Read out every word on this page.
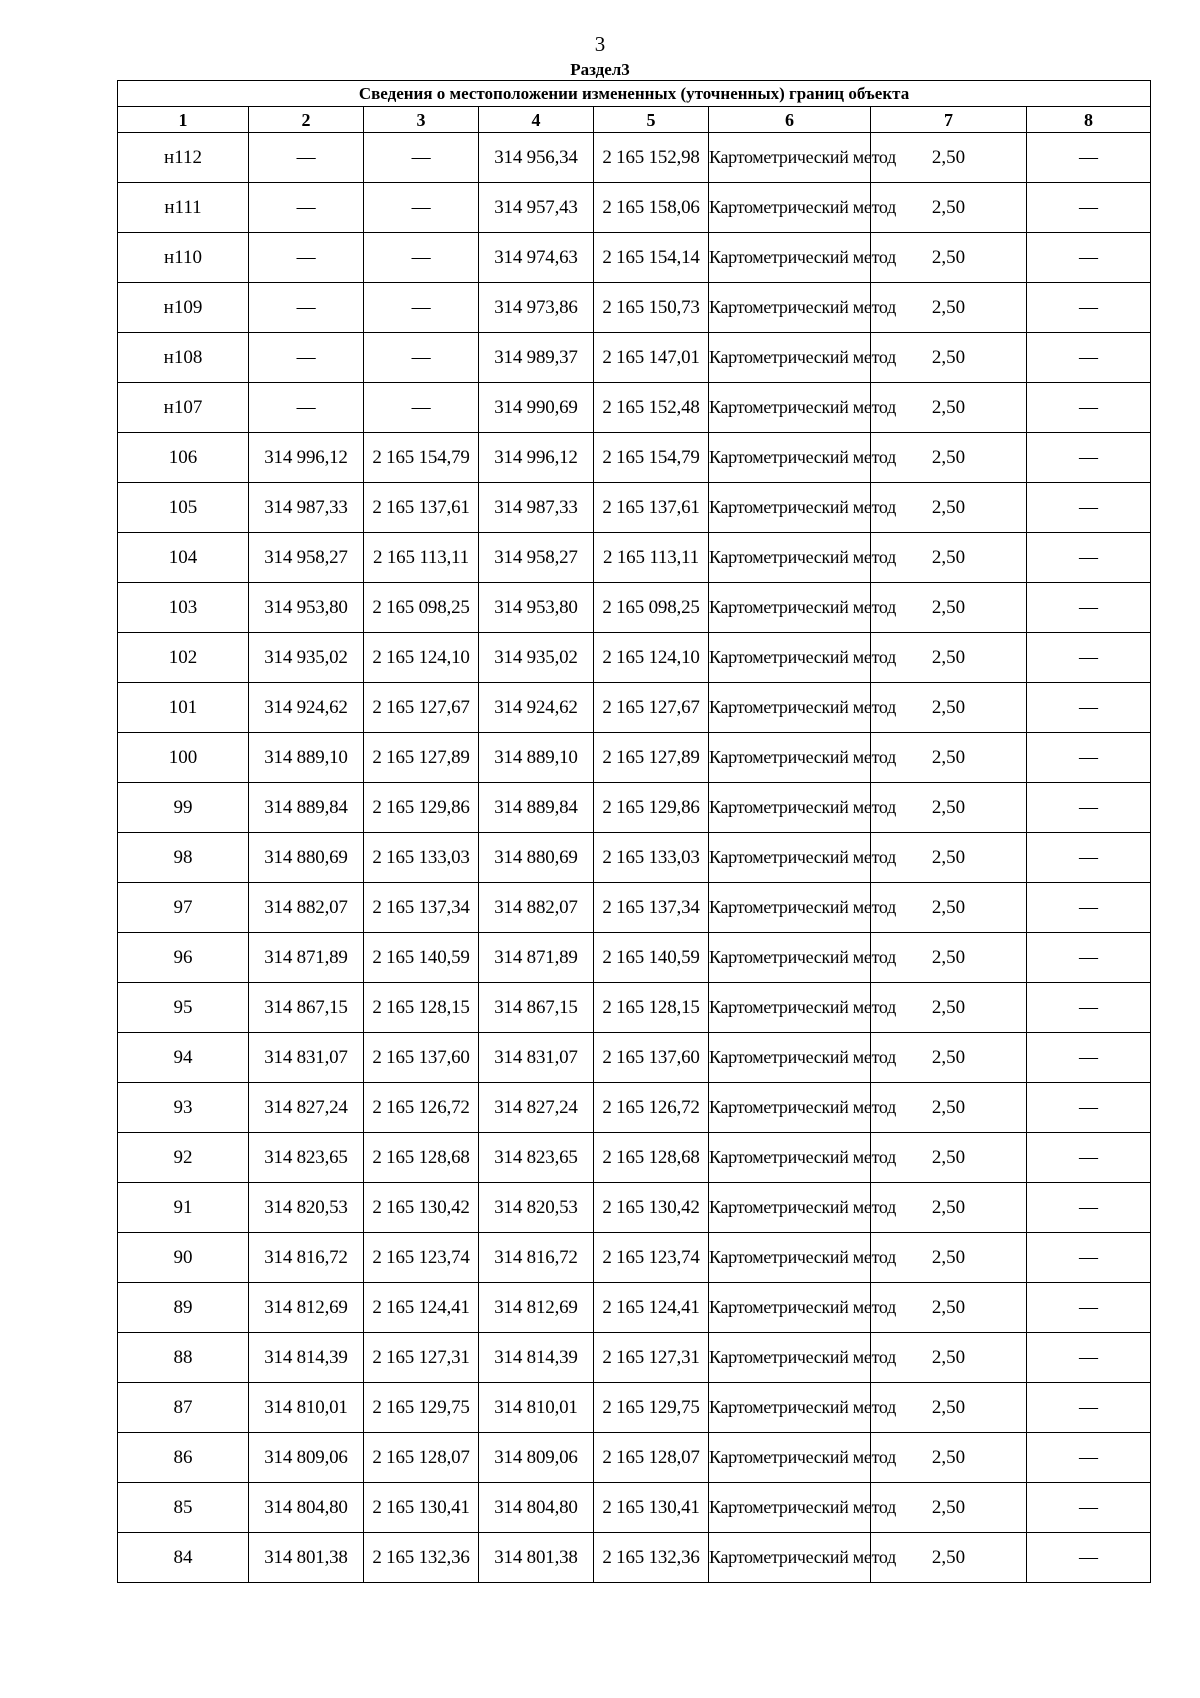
3
Раздел3
Сведения о местоположении измененных (уточненных) границ объекта							
1	2	3	4	5	6	7	8
н112	—	—	314 956,34	2 165 152,98	Картометрический метод	2,50	—
н111	—	—	314 957,43	2 165 158,06	Картометрический метод	2,50	—
н110	—	—	314 974,63	2 165 154,14	Картометрический метод	2,50	—
н109	—	—	314 973,86	2 165 150,73	Картометрический метод	2,50	—
н108	—	—	314 989,37	2 165 147,01	Картометрический метод	2,50	—
н107	—	—	314 990,69	2 165 152,48	Картометрический метод	2,50	—
106	314 996,12	2 165 154,79	314 996,12	2 165 154,79	Картометрический метод	2,50	—
105	314 987,33	2 165 137,61	314 987,33	2 165 137,61	Картометрический метод	2,50	—
104	314 958,27	2 165 113,11	314 958,27	2 165 113,11	Картометрический метод	2,50	—
103	314 953,80	2 165 098,25	314 953,80	2 165 098,25	Картометрический метод	2,50	—
102	314 935,02	2 165 124,10	314 935,02	2 165 124,10	Картометрический метод	2,50	—
101	314 924,62	2 165 127,67	314 924,62	2 165 127,67	Картометрический метод	2,50	—
100	314 889,10	2 165 127,89	314 889,10	2 165 127,89	Картометрический метод	2,50	—
99	314 889,84	2 165 129,86	314 889,84	2 165 129,86	Картометрический метод	2,50	—
98	314 880,69	2 165 133,03	314 880,69	2 165 133,03	Картометрический метод	2,50	—
97	314 882,07	2 165 137,34	314 882,07	2 165 137,34	Картометрический метод	2,50	—
96	314 871,89	2 165 140,59	314 871,89	2 165 140,59	Картометрический метод	2,50	—
95	314 867,15	2 165 128,15	314 867,15	2 165 128,15	Картометрический метод	2,50	—
94	314 831,07	2 165 137,60	314 831,07	2 165 137,60	Картометрический метод	2,50	—
93	314 827,24	2 165 126,72	314 827,24	2 165 126,72	Картометрический метод	2,50	—
92	314 823,65	2 165 128,68	314 823,65	2 165 128,68	Картометрический метод	2,50	—
91	314 820,53	2 165 130,42	314 820,53	2 165 130,42	Картометрический метод	2,50	—
90	314 816,72	2 165 123,74	314 816,72	2 165 123,74	Картометрический метод	2,50	—
89	314 812,69	2 165 124,41	314 812,69	2 165 124,41	Картометрический метод	2,50	—
88	314 814,39	2 165 127,31	314 814,39	2 165 127,31	Картометрический метод	2,50	—
87	314 810,01	2 165 129,75	314 810,01	2 165 129,75	Картометрический метод	2,50	—
86	314 809,06	2 165 128,07	314 809,06	2 165 128,07	Картометрический метод	2,50	—
85	314 804,80	2 165 130,41	314 804,80	2 165 130,41	Картометрический метод	2,50	—
84	314 801,38	2 165 132,36	314 801,38	2 165 132,36	Картометрический метод	2,50	—
